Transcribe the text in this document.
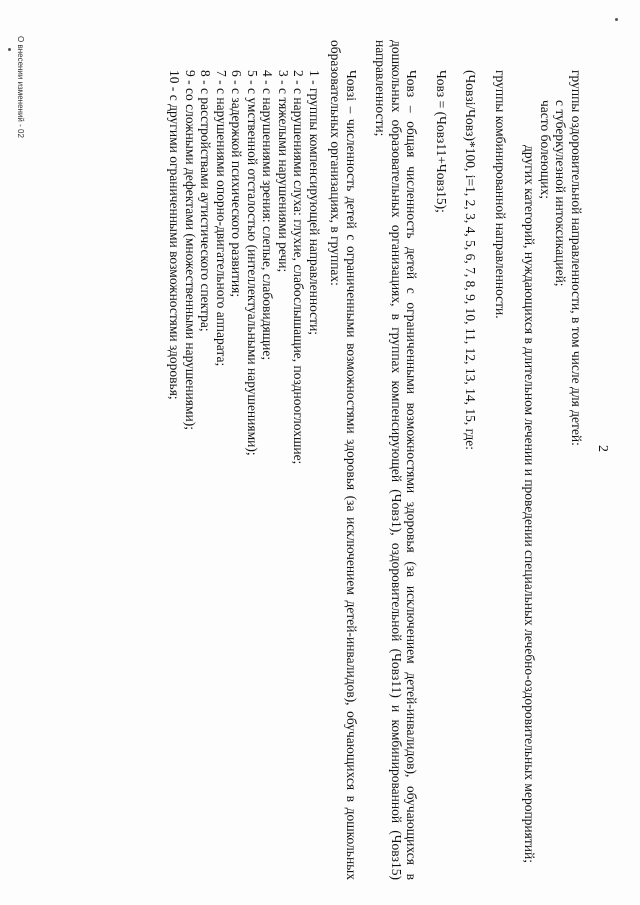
2

группы оздоровительной направленности, в том числе для детей:

с туберкулезной интоксикацией;

часто болеющих;

других категорий, нуждающихся в длительном лечении и проведении специальных лечебно-оздоровительных мероприятий;

группы комбинированной направленности.

(Човзi/Човз)*100, i=1, 2, 3, 4, 5, 6, 7, 8, 9, 10, 11, 12, 13, 14, 15, где:

Човз = (Човз11+Човз15);

Човз – общая численность детей с ограниченными возможностями здоровья (за исключением детей-инвалидов), обучающихся в дошкольных образовательных организациях, в группах компенсирующей (Човз1), оздоровительной (Човз11) и комбинированной (Човз15) направленности;

Човзi – численность детей с ограниченными возможностями здоровья (за исключением детей-инвалидов), обучающихся в дошкольных образовательных организациях, в группах:

1 - группы компенсирующей направленности;
2 - с нарушениями слуха: глухие, слабослышащие, позднооглохшие;
3 - с тяжелыми нарушениями речи;
4 - с нарушениями зрения: слепые, слабовидящие;
5 - с умственной отсталостью (интеллектуальными нарушениями);
6 - с задержкой психического развития;
7 - с нарушениями опорно-двигательного аппарата;
8 - с расстройствами аутистического спектра;
9 - со сложными дефектами (множественными нарушениями);
10 - с другими ограниченными возможностями здоровья;
О внесении изменений - 02
